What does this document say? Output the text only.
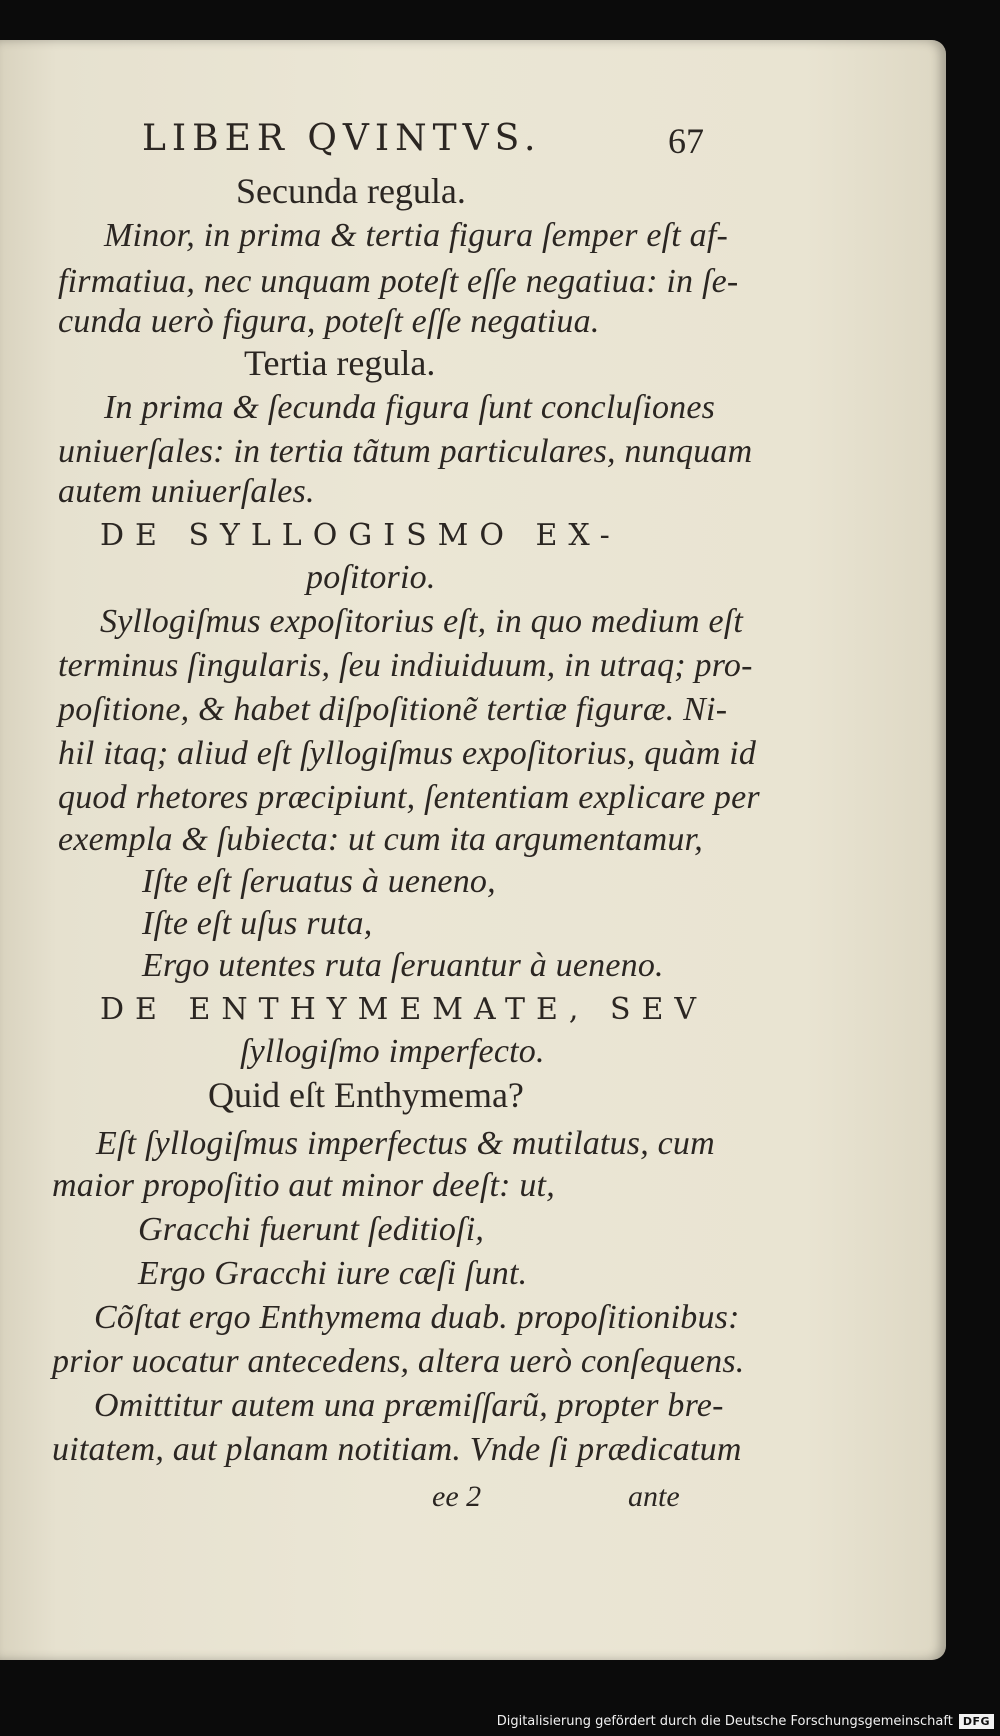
LIBER QVINTVS.	67
Secunda regula.
Minor, in prima & tertia figura ſemper eſt af-
firmatiua, nec unquam poteſt eſſe negatiua: in ſe-
cunda uerò figura, poteſt eſſe negatiua.
Tertia regula.
In prima & ſecunda figura ſunt concluſiones
uniuerſales: in tertia tãtum particulares, nunquam
autem uniuerſales.
DE SYLLOGISMO EX-
poſitorio.
Syllogiſmus expoſitorius eſt, in quo medium eſt
terminus ſingularis, ſeu indiuiduum, in utraq; pro-
poſitione, & habet diſpoſitionẽ tertiæ figuræ. Ni-
hil itaq; aliud eſt ſyllogiſmus expoſitorius, quàm id
quod rhetores præcipiunt, ſententiam explicare per
exempla & ſubiecta: ut cum ita argumentamur,
Iſte eſt ſeruatus à ueneno,
Iſte eſt uſus ruta,
Ergo utentes ruta ſeruantur à ueneno.
DE ENTHYMEMATE, SEV
ſyllogiſmo imperfecto.
Quid eſt Enthymema?
Eſt ſyllogiſmus imperfectus & mutilatus, cum
maior propoſitio aut minor deeſt: ut,
Gracchi fuerunt ſeditioſi,
Ergo Gracchi iure cæſi ſunt.
Cõſtat ergo Enthymema duab. propoſitionibus:
prior uocatur antecedens, altera uerò conſequens.
Omittitur autem una præmiſſarũ, propter bre-
uitatem, aut planam notitiam. Vnde ſi prædicatum
ee 2	ante
Digitalisierung gefördert durch die Deutsche Forschungsgemeinschaft DFG
